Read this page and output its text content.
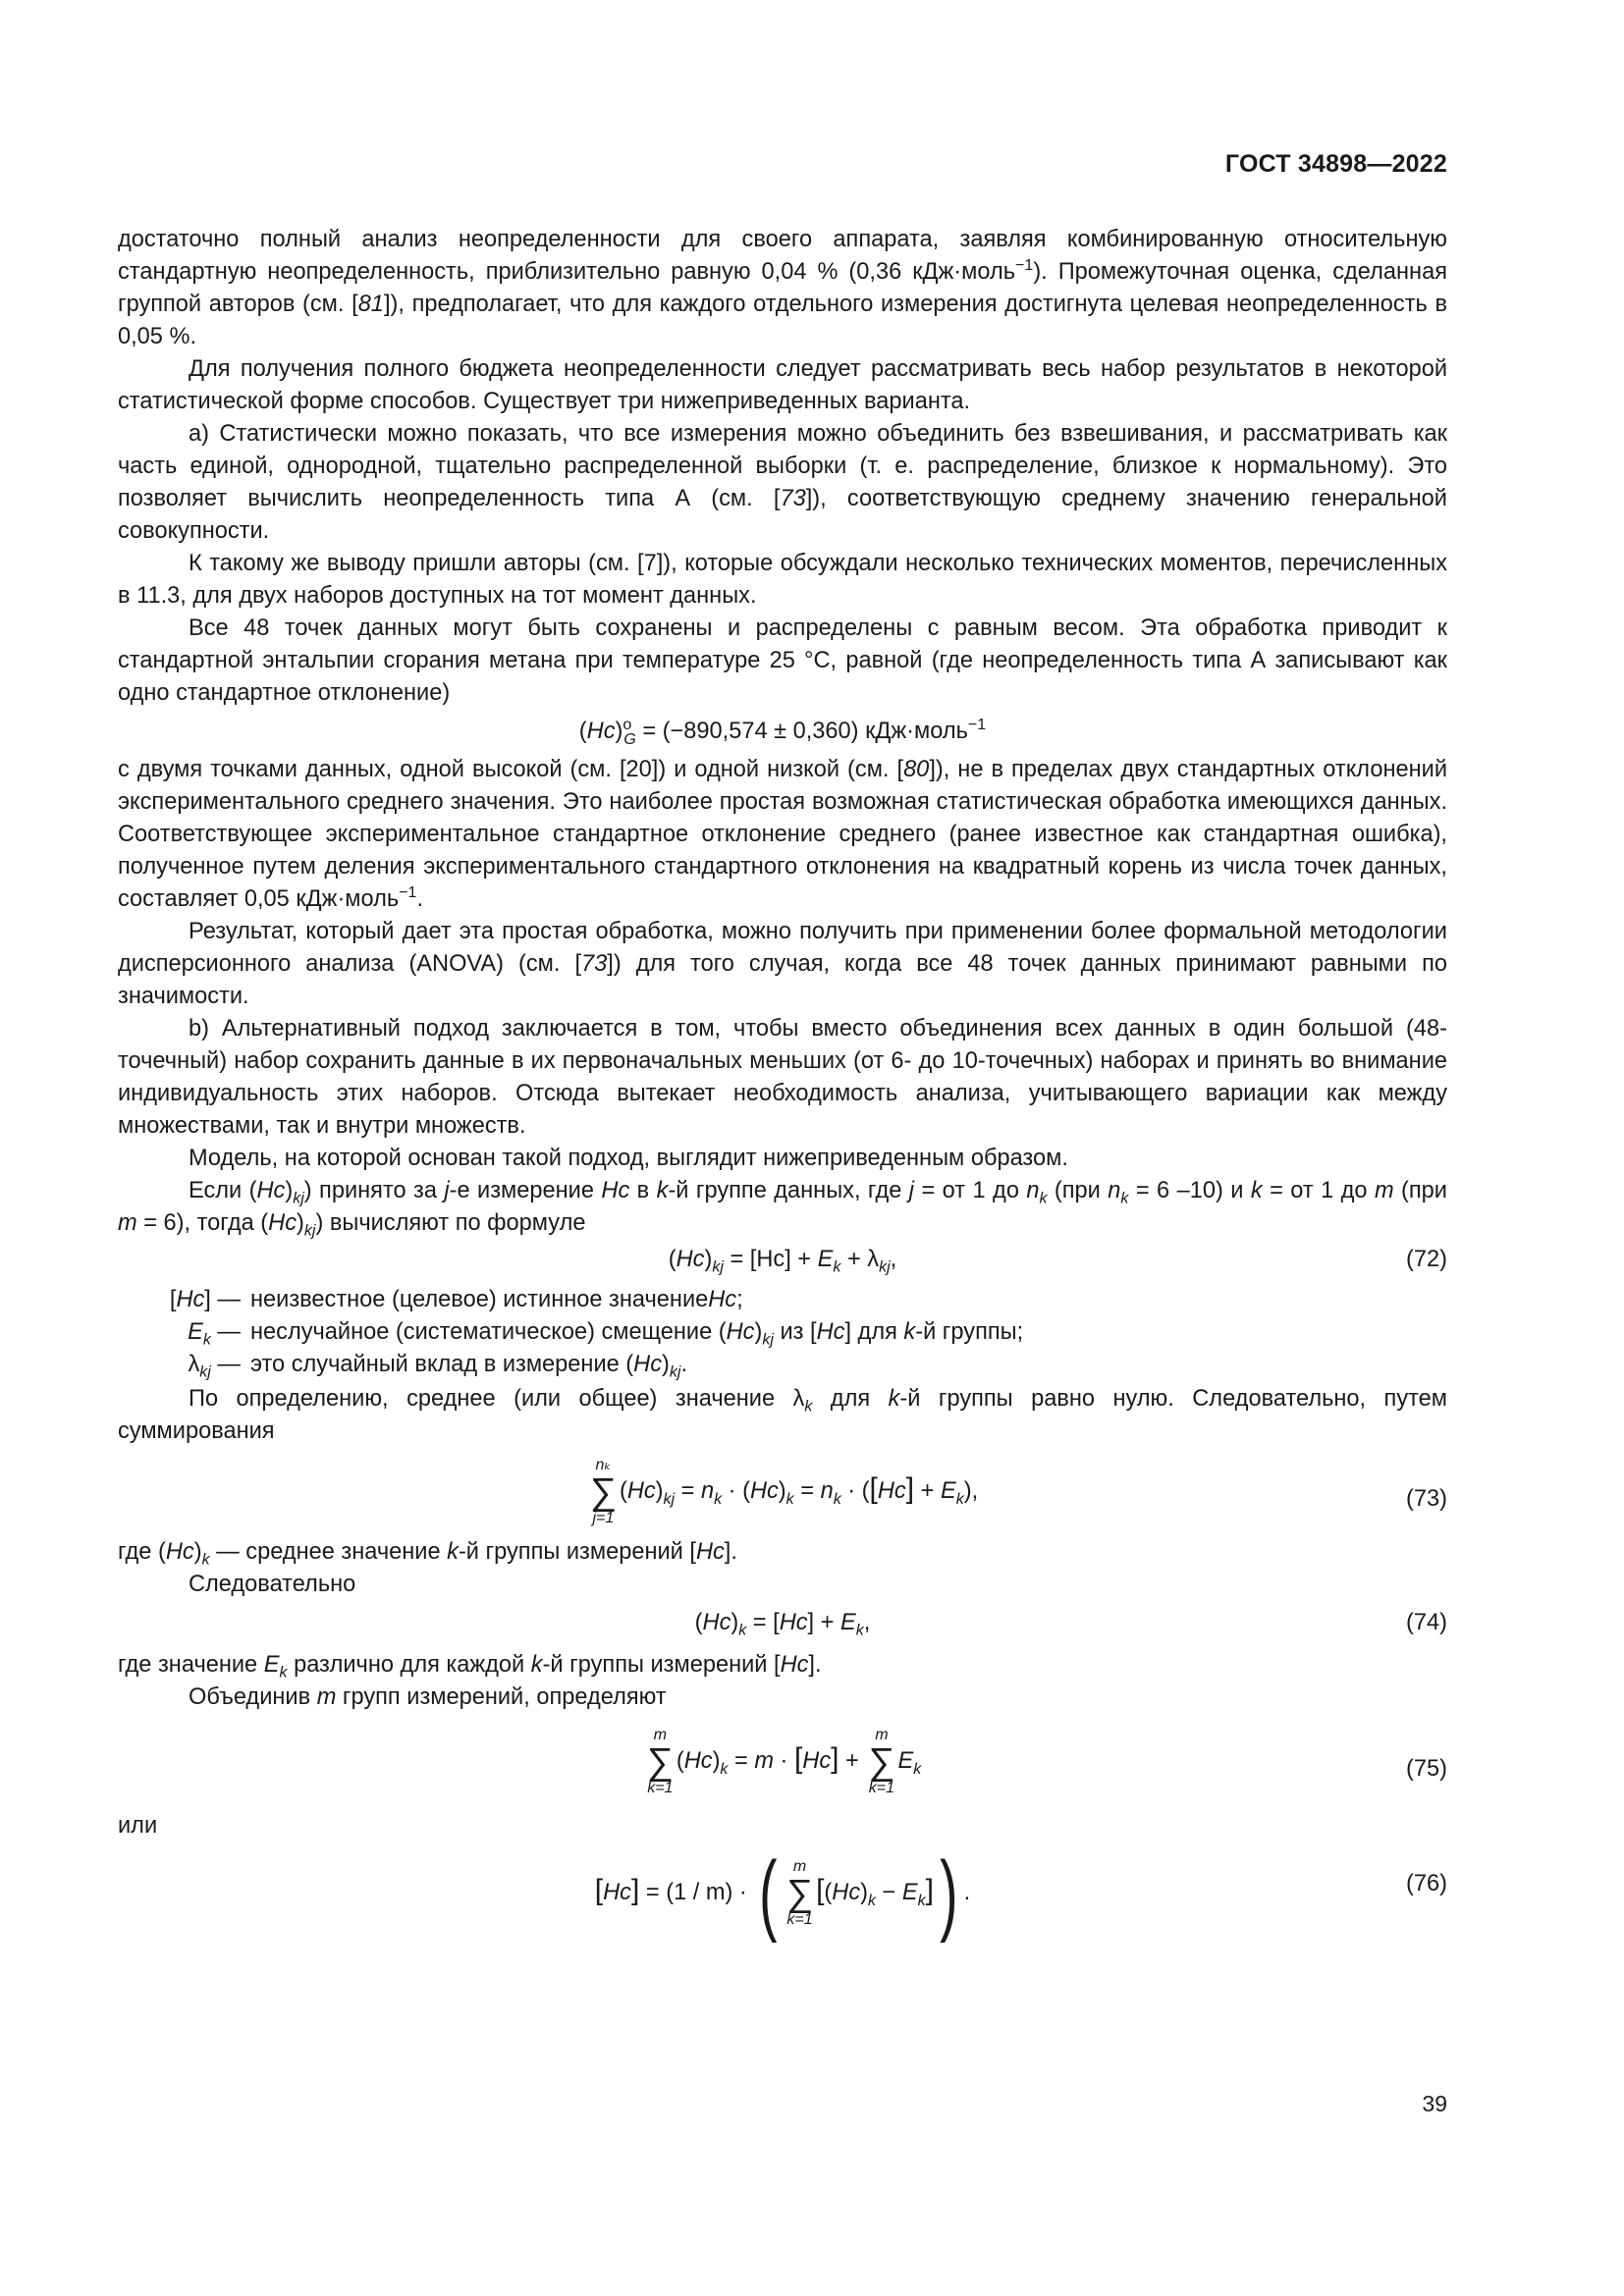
ГОСТ 34898—2022

достаточно полный анализ неопределенности для своего аппарата, заявляя комбинированную относительную стандартную неопределенность, приблизительно равную 0,04 % (0,36 кДж·моль$^{-1}$). Промежуточная оценка, сделанная группой авторов (см. [81]), предполагает, что для каждого отдельного измерения достигнута целевая неопределенность в 0,05 %.

Для получения полного бюджета неопределенности следует рассматривать весь набор результатов в некоторой статистической форме способов. Существует три нижеприведенных варианта.

a) Статистически можно показать, что все измерения можно объединить без взвешивания, и рассматривать как часть единой, однородной, тщательно распределенной выборки (т. е. распределение, близкое к нормальному). Это позволяет вычислить неопределенность типа А (см. [73]), соответствующую среднему значению генеральной совокупности.

К такому же выводу пришли авторы (см. [7]), которые обсуждали несколько технических моментов, перечисленных в 11.3, для двух наборов доступных на тот момент данных.

Все 48 точек данных могут быть сохранены и распределены с равным весом. Эта обработка приводит к стандартной энтальпии сгорания метана при температуре 25 °С, равной (где неопределенность типа А записывают как одно стандартное отклонение)

(Нс)$^o_G$ = (−890,574 ± 0,360) кДж·моль$^{-1}$

с двумя точками данных, одной высокой (см. [20]) и одной низкой (см. [80]), не в пределах двух стандартных отклонений экспериментального среднего значения. Это наиболее простая возможная статистическая обработка имеющихся данных. Соответствующее экспериментальное стандартное отклонение среднего (ранее известное как стандартная ошибка), полученное путем деления экспериментального стандартного отклонения на квадратный корень из числа точек данных, составляет 0,05 кДж·моль$^{-1}$.

Результат, который дает эта простая обработка, можно получить при применении более формальной методологии дисперсионного анализа (ANOVA) (см. [73]) для того случая, когда все 48 точек данных принимают равными по значимости.

b) Альтернативный подход заключается в том, чтобы вместо объединения всех данных в один большой (48-точечный) набор сохранить данные в их первоначальных меньших (от 6- до 10-точечных) наборах и принять во внимание индивидуальность этих наборов. Отсюда вытекает необходимость анализа, учитывающего вариации как между множествами, так и внутри множеств.

Модель, на которой основан такой подход, выглядит нижеприведенным образом.

Если $(Нс)_{kj}$) принято за j-е измерение Нс в k-й группе данных, где j = от 1 до $n_k$ (при $n_k = 6$ –10) и k = от 1 до m (при m = 6), тогда $(Нс)_{kj}$) вычисляют по формуле

$(Нс)_{kj} = [Нс] + E_k + \lambda_{kj}$,	(72)
[Нс] — неизвестное (целевое) истинное значениеНс;
$E_k$ — неслучайное (систематическое) смещение $(Нс)_{kj}$ из [Нс] для k-й группы;
$\lambda_{kj}$ — это случайный вклад в измерение $(Нс)_{kj}$.

По определению, среднее (или общее) значение $\lambda_k$ для k-й группы равно нулю. Следовательно, путем суммирования

nₖ
∑
j=1
$(Нс)_{kj} = n_k \cdot (Нс)_k = n_k \cdot ([Нс] + E_k)$,	(73)

где $(Нс)_k$ — среднее значение k-й группы измерений [Нс].

Следовательно

$(Нс)_k = [Нс] + E_k$,	(74)

где значение $E_k$ различно для каждой k-й группы измерений [Нс].

Объединив m групп измерений, определяют

m
∑
k=1
$(Нс)_k = m \cdot [Нс]$ +
m
∑
k=1
$E_k$	(75)

или

[Нс] = (1 / m) · ( m
∑
k=1
$[(Нс)_k - E_k]$) .	(76)
39
